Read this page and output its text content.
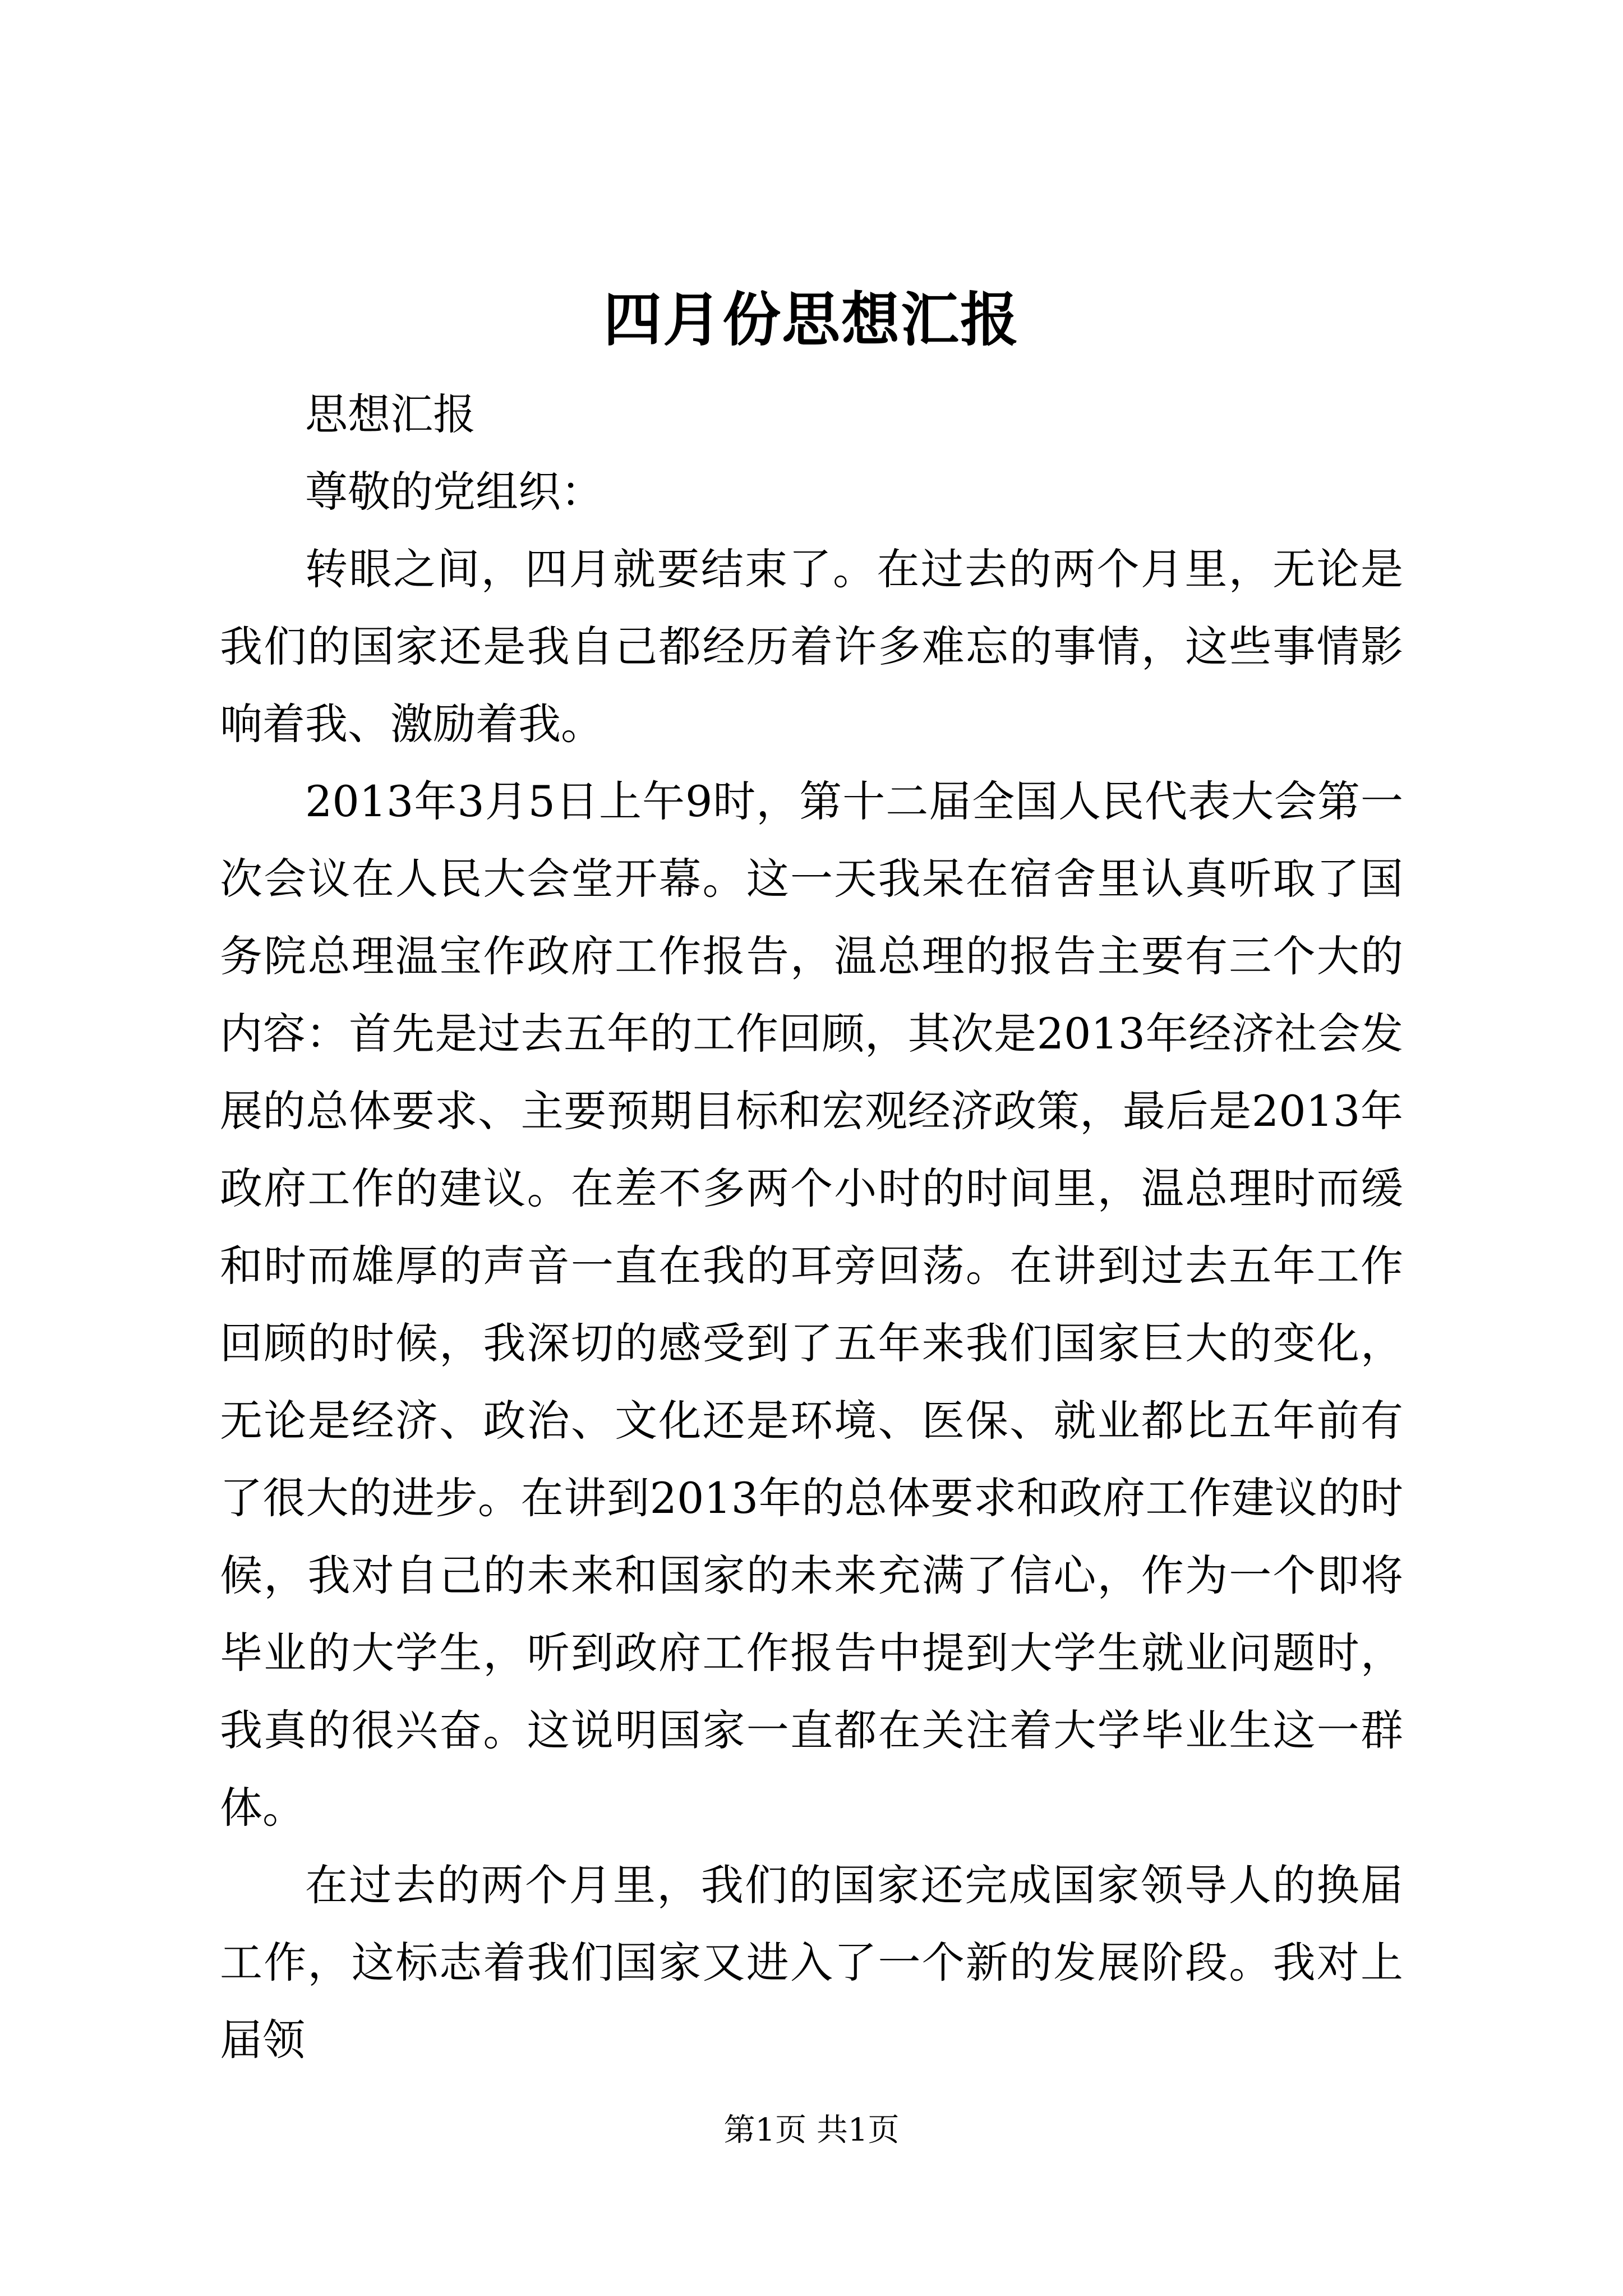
四月份思想汇报

思想汇报

尊敬的党组织：

转眼之间，四月就要结束了。在过去的两个月里，无论是我们的国家还是我自己都经历着许多难忘的事情，这些事情影响着我、激励着我。

2013年3月5日上午9时，第十二届全国人民代表大会第一次会议在人民大会堂开幕。这一天我呆在宿舍里认真听取了国务院总理温宝作政府工作报告，温总理的报告主要有三个大的内容：首先是过去五年的工作回顾，其次是2013年经济社会发展的总体要求、主要预期目标和宏观经济政策，最后是2013年政府工作的建议。在差不多两个小时的时间里，温总理时而缓和时而雄厚的声音一直在我的耳旁回荡。在讲到过去五年工作回顾的时候，我深切的感受到了五年来我们国家巨大的变化，无论是经济、政治、文化还是环境、医保、就业都比五年前有了很大的进步。在讲到2013年的总体要求和政府工作建议的时候，我对自己的未来和国家的未来充满了信心，作为一个即将毕业的大学生，听到政府工作报告中提到大学生就业问题时，我真的很兴奋。这说明国家一直都在关注着大学毕业生这一群体。

在过去的两个月里，我们的国家还完成国家领导人的换届工作，这标志着我们国家又进入了一个新的发展阶段。我对上届领

第1页 共1页
